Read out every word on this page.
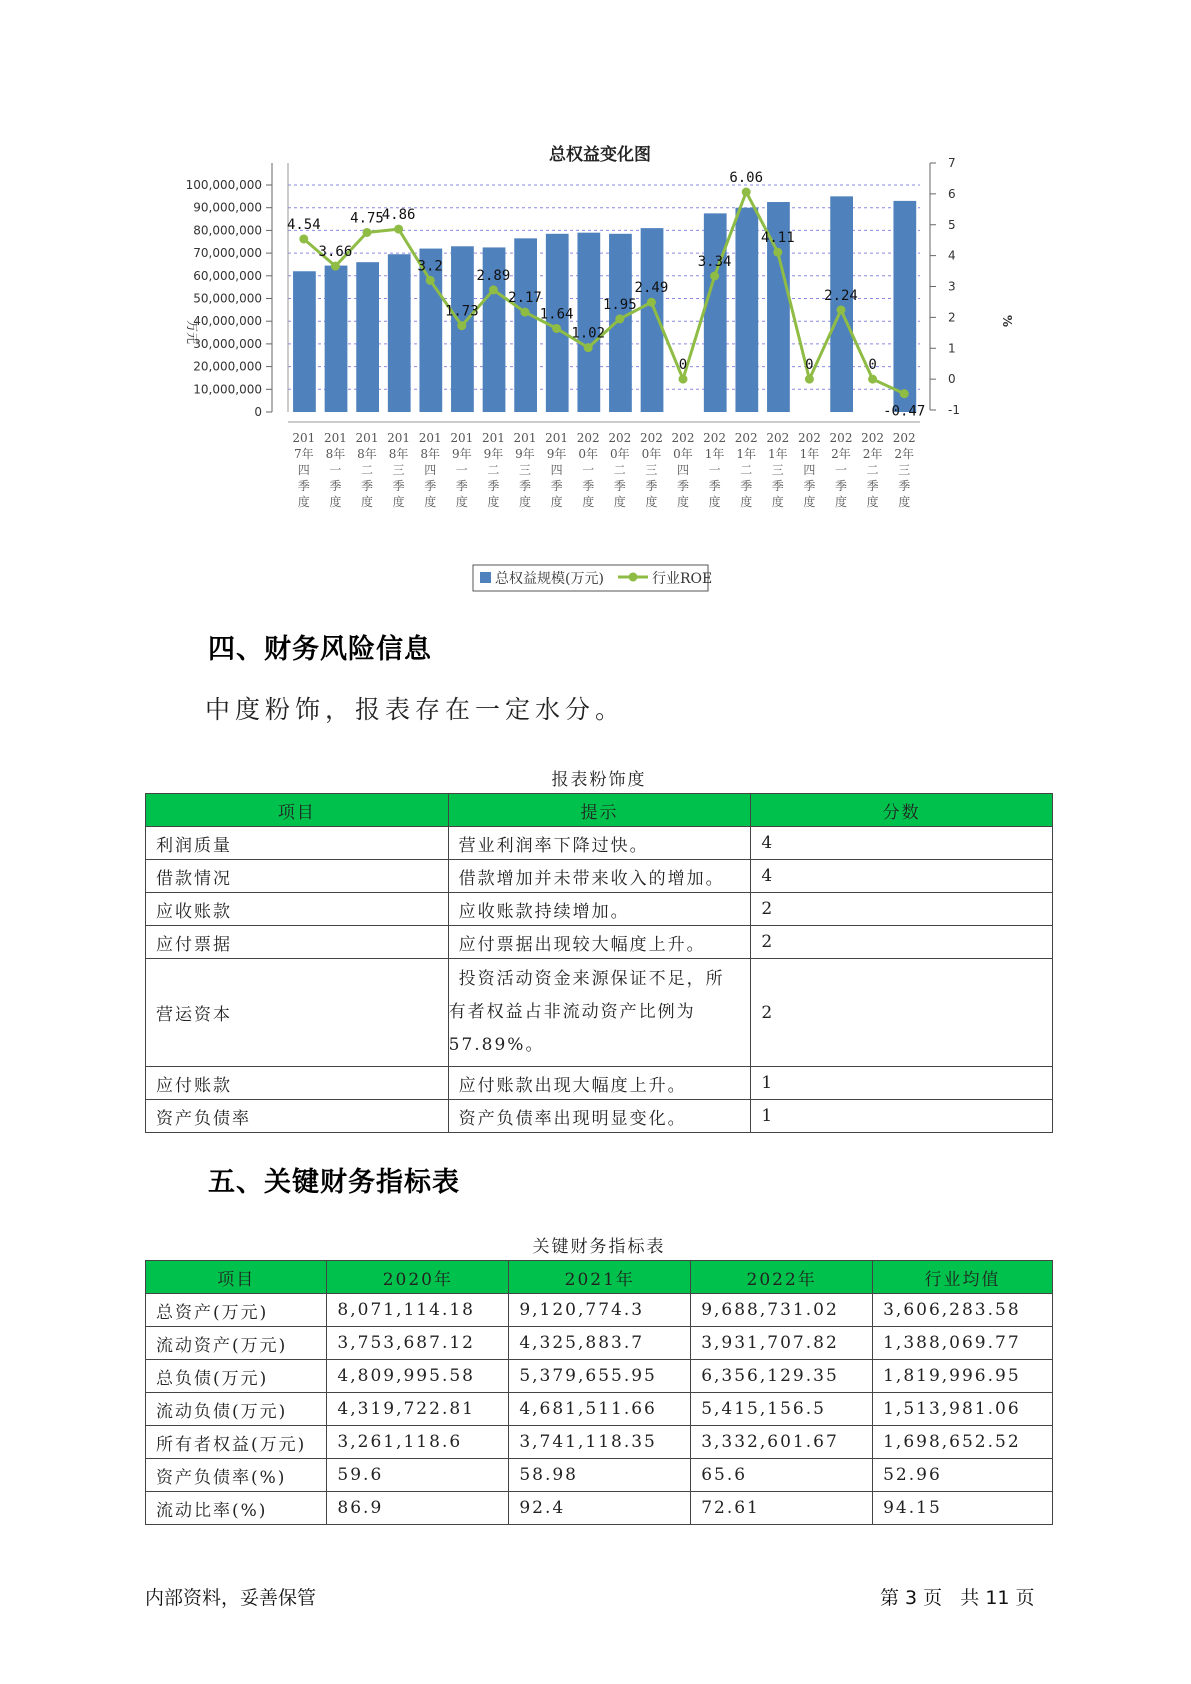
总权益变化图
0
10,000,000
20,000,000
30,000,000
40,000,000
50,000,000
60,000,000
70,000,000
80,000,000
90,000,000
100,000,000
-1
0
1
2
3
4
5
6
7
4.54
3.66
4.75
4.86
3.2
1.73
2.89
2.17
1.64
1.02
1.95
2.49
0
3.34
6.06
4.11
0
2.24
0
-0.47
201
7年
四
季
度
201
8年
一
季
度
201
8年
二
季
度
201
8年
三
季
度
201
8年
四
季
度
201
9年
一
季
度
201
9年
二
季
度
201
9年
三
季
度
201
9年
四
季
度
202
0年
一
季
度
202
0年
二
季
度
202
0年
三
季
度
202
0年
四
季
度
202
1年
一
季
度
202
1年
二
季
度
202
1年
三
季
度
202
1年
四
季
度
202
2年
一
季
度
202
2年
二
季
度
202
2年
三
季
度
万元	%
总权益规模(万元)	行业ROE
四、财务风险信息
中度粉饰，报表存在一定水分。
报表粉饰度
项目	提示	分数
利润质量	营业利润率下降过快。	4
借款情况	借款增加并未带来收入的增加。	4
应收账款	应收账款持续增加。	2
应付票据	应付票据出现较大幅度上升。	2
营运资本	投资活动资金来源保证不足，所
有者权益占非流动资产比例为
57.89%。	2
应付账款	应付账款出现大幅度上升。	1
资产负债率	资产负债率出现明显变化。	1
五、关键财务指标表
关键财务指标表
项目	2020年	2021年	2022年	行业均值
总资产(万元)	8,071,114.18	9,120,774.3	9,688,731.02	3,606,283.58
流动资产(万元)	3,753,687.12	4,325,883.7	3,931,707.82	1,388,069.77
总负债(万元)	4,809,995.58	5,379,655.95	6,356,129.35	1,819,996.95
流动负债(万元)	4,319,722.81	4,681,511.66	5,415,156.5	1,513,981.06
所有者权益(万元)	3,261,118.6	3,741,118.35	3,332,601.67	1,698,652.52
资产负债率(%)	59.6	58.98	65.6	52.96
流动比率(%)	86.9	92.4	72.61	94.15
内部资料，妥善保管	第 3 页   共 11 页
